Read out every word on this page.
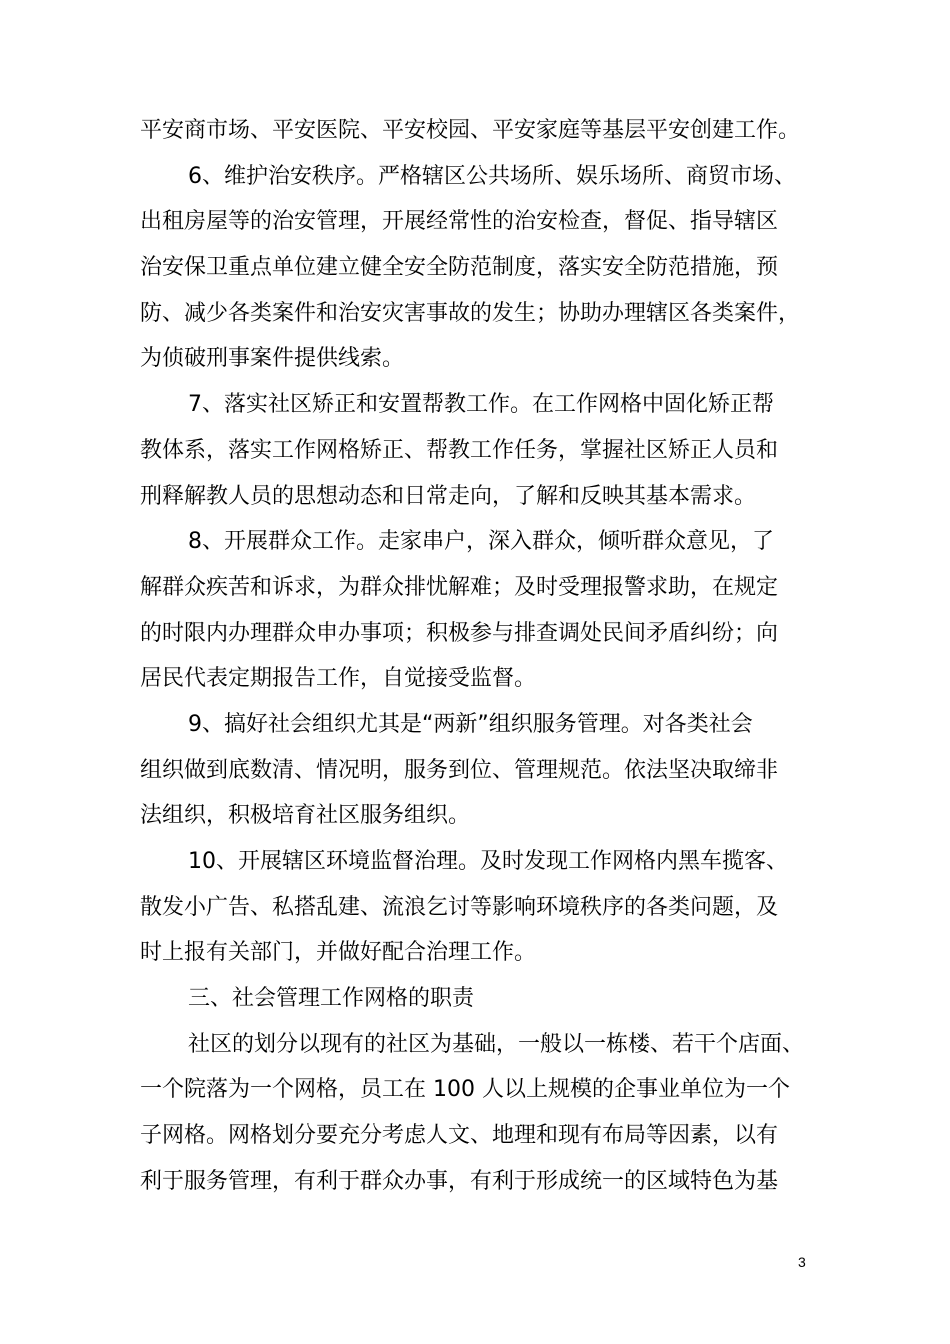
平安商市场、平安医院、平安校园、平安家庭等基层平安创建工作。
6、维护治安秩序。严格辖区公共场所、娱乐场所、商贸市场、
出租房屋等的治安管理，开展经常性的治安检查，督促、指导辖区
治安保卫重点单位建立健全安全防范制度，落实安全防范措施，预
防、减少各类案件和治安灾害事故的发生；协助办理辖区各类案件，
为侦破刑事案件提供线索。
7、落实社区矫正和安置帮教工作。在工作网格中固化矫正帮
教体系，落实工作网格矫正、帮教工作任务，掌握社区矫正人员和
刑释解教人员的思想动态和日常走向，了解和反映其基本需求。
8、开展群众工作。走家串户，深入群众，倾听群众意见，了
解群众疾苦和诉求，为群众排忧解难；及时受理报警求助，在规定
的时限内办理群众申办事项；积极参与排查调处民间矛盾纠纷；向
居民代表定期报告工作，自觉接受监督。
9、搞好社会组织尤其是“两新”组织服务管理。对各类社会
组织做到底数清、情况明，服务到位、管理规范。依法坚决取缔非
法组织，积极培育社区服务组织。
10、开展辖区环境监督治理。及时发现工作网格内黑车揽客、
散发小广告、私搭乱建、流浪乞讨等影响环境秩序的各类问题，及
时上报有关部门，并做好配合治理工作。
三、社会管理工作网格的职责
社区的划分以现有的社区为基础，一般以一栋楼、若干个店面、
一个院落为一个网格，员工在 100 人以上规模的企事业单位为一个
子网格。网格划分要充分考虑人文、地理和现有布局等因素，以有
利于服务管理，有利于群众办事，有利于形成统一的区域特色为基
3
